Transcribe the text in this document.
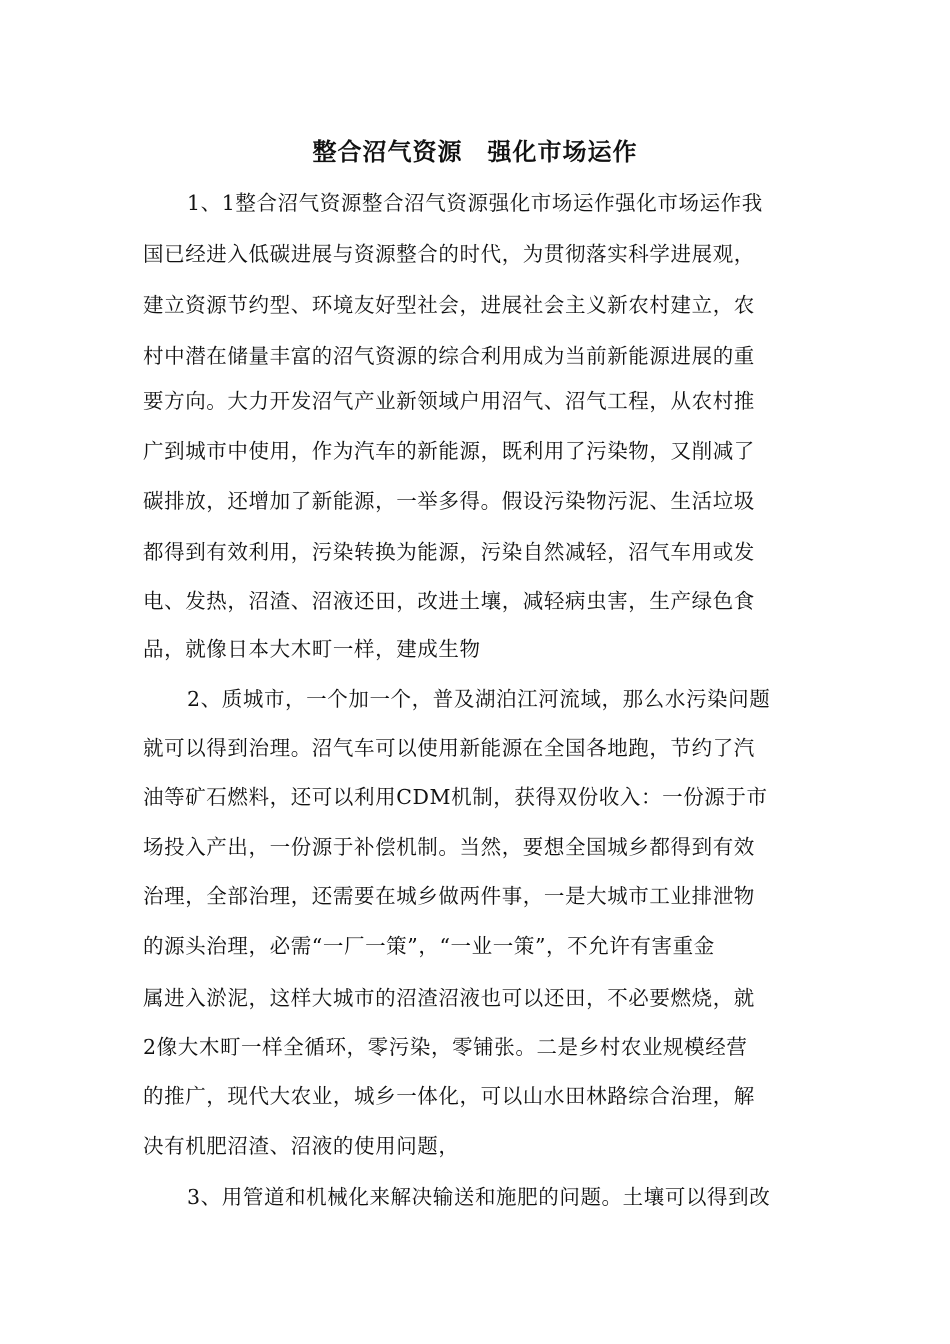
整合沼气资源　强化市场运作
1、1整合沼气资源整合沼气资源强化市场运作强化市场运作我
国已经进入低碳进展与资源整合的时代，为贯彻落实科学进展观，
建立资源节约型、环境友好型社会，进展社会主义新农村建立，农
村中潜在储量丰富的沼气资源的综合利用成为当前新能源进展的重
要方向。大力开发沼气产业新领域户用沼气、沼气工程，从农村推
广到城市中使用，作为汽车的新能源，既利用了污染物，又削减了
碳排放，还增加了新能源，一举多得。假设污染物污泥、生活垃圾
都得到有效利用，污染转换为能源，污染自然减轻，沼气车用或发
电、发热，沼渣、沼液还田，改进土壤，减轻病虫害，生产绿色食
品，就像日本大木町一样，建成生物
2、质城市，一个加一个，普及湖泊江河流域，那么水污染问题
就可以得到治理。沼气车可以使用新能源在全国各地跑，节约了汽
油等矿石燃料，还可以利用CDM机制，获得双份收入：一份源于市
场投入产出，一份源于补偿机制。当然，要想全国城乡都得到有效
治理，全部治理，还需要在城乡做两件事，一是大城市工业排泄物
的源头治理，必需“一厂一策”，“一业一策”，不允许有害重金
属进入淤泥，这样大城市的沼渣沼液也可以还田，不必要燃烧，就
2像大木町一样全循环，零污染，零铺张。二是乡村农业规模经营
的推广，现代大农业，城乡一体化，可以山水田林路综合治理，解
决有机肥沼渣、沼液的使用问题，
3、用管道和机械化来解决输送和施肥的问题。土壤可以得到改
